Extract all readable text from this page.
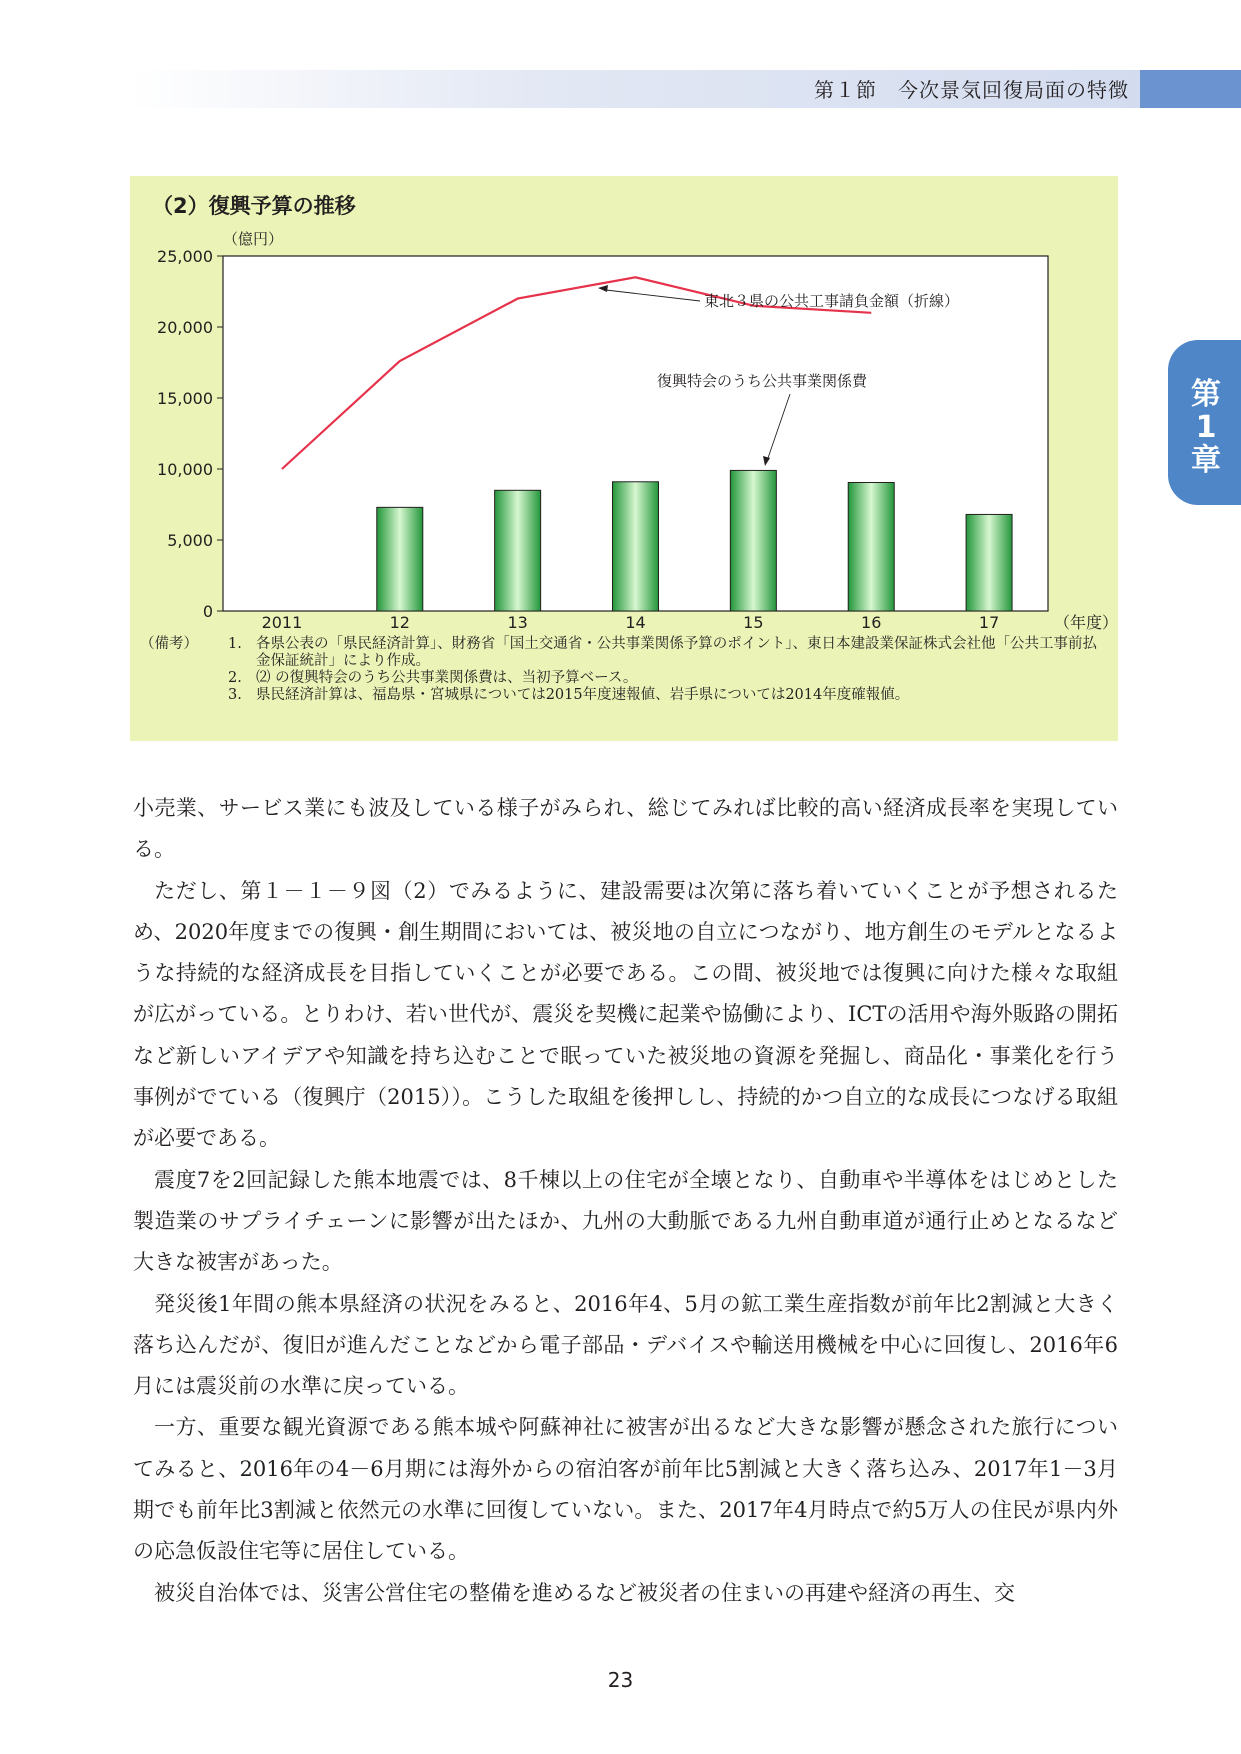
第１節　今次景気回復局面の特徴
第
1
章
（2）復興予算の推移
0
5,000
10,000
15,000
20,000
25,000
（億円）
2011	12	13	14	15	16	17	（年度）
東北３県の公共工事請負金額（折線）
復興特会のうち公共事業関係費
（備考）	1. 各県公表の「県民経済計算」、財務省「国土交通省・公共事業関係予算のポイント」、東日本建設業保証株式会社他「公共工事前払金保証統計」により作成。
2. ⑵ の復興特会のうち公共事業関係費は、当初予算ベース。
3. 県民経済計算は、福島県・宮城県については2015年度速報値、岩手県については2014年度確報値。

小売業、サービス業にも波及している様子がみられ、総じてみれば比較的高い経済成長率を実現している。

ただし、第１－１－９図（2）でみるように、建設需要は次第に落ち着いていくことが予想されるため、2020年度までの復興・創生期間においては、被災地の自立につながり、地方創生のモデルとなるような持続的な経済成長を目指していくことが必要である。この間、被災地では復興に向けた様々な取組が広がっている。とりわけ、若い世代が、震災を契機に起業や協働により、ICTの活用や海外販路の開拓など新しいアイデアや知識を持ち込むことで眠っていた被災地の資源を発掘し、商品化・事業化を行う事例がでている（復興庁（2015））。こうした取組を後押しし、持続的かつ自立的な成長につなげる取組が必要である。

震度7を2回記録した熊本地震では、8千棟以上の住宅が全壊となり、自動車や半導体をはじめとした製造業のサプライチェーンに影響が出たほか、九州の大動脈である九州自動車道が通行止めとなるなど大きな被害があった。

発災後1年間の熊本県経済の状況をみると、2016年4、5月の鉱工業生産指数が前年比2割減と大きく落ち込んだが、復旧が進んだことなどから電子部品・デバイスや輸送用機械を中心に回復し、2016年6月には震災前の水準に戻っている。

一方、重要な観光資源である熊本城や阿蘇神社に被害が出るなど大きな影響が懸念された旅行についてみると、2016年の4－6月期には海外からの宿泊客が前年比5割減と大きく落ち込み、2017年1－3月期でも前年比3割減と依然元の水準に回復していない。また、2017年4月時点で約5万人の住民が県内外の応急仮設住宅等に居住している。

被災自治体では、災害公営住宅の整備を進めるなど被災者の住まいの再建や経済の再生、交

23
